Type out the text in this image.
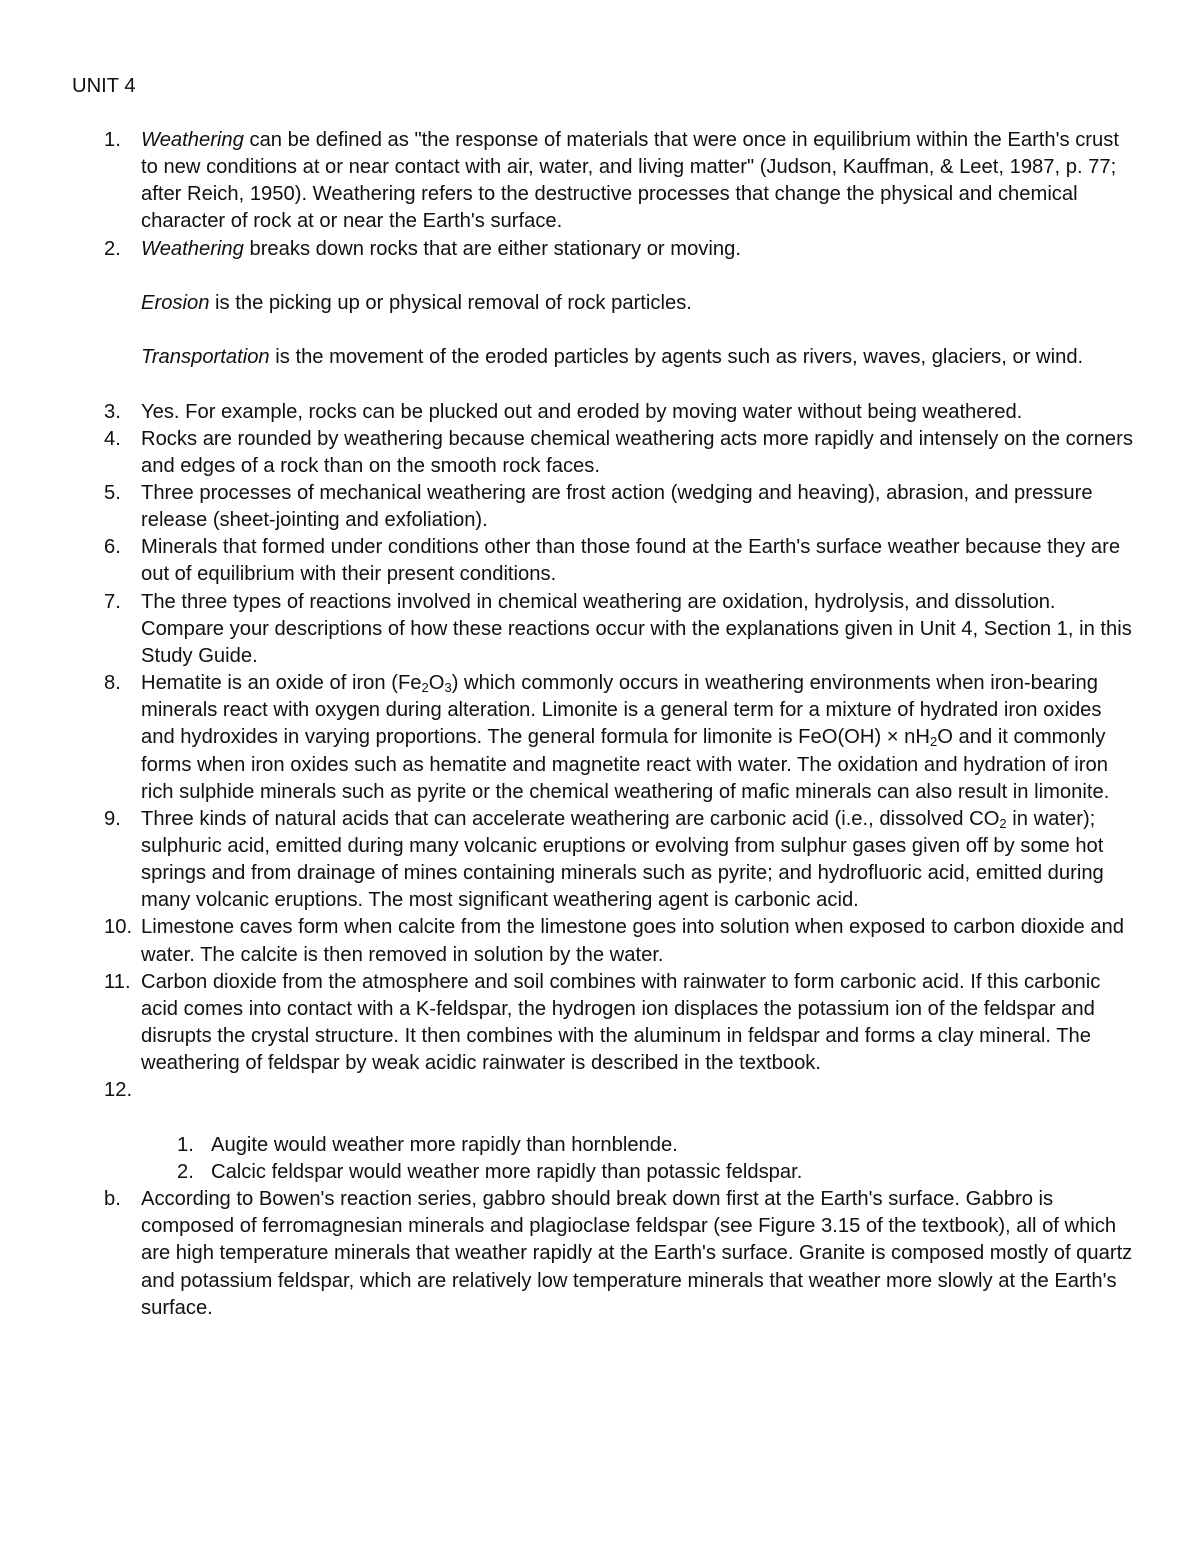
UNIT 4
1. Weathering can be defined as "the response of materials that were once in equilibrium within the Earth's crust to new conditions at or near contact with air, water, and living matter" (Judson, Kauffman, & Leet, 1987, p. 77; after Reich, 1950). Weathering refers to the destructive processes that change the physical and chemical character of rock at or near the Earth's surface.
2. Weathering breaks down rocks that are either stationary or moving.
Erosion is the picking up or physical removal of rock particles.
Transportation is the movement of the eroded particles by agents such as rivers, waves, glaciers, or wind.
3. Yes. For example, rocks can be plucked out and eroded by moving water without being weathered.
4. Rocks are rounded by weathering because chemical weathering acts more rapidly and intensely on the corners and edges of a rock than on the smooth rock faces.
5. Three processes of mechanical weathering are frost action (wedging and heaving), abrasion, and pressure release (sheet-jointing and exfoliation).
6. Minerals that formed under conditions other than those found at the Earth's surface weather because they are out of equilibrium with their present conditions.
7. The three types of reactions involved in chemical weathering are oxidation, hydrolysis, and dissolution. Compare your descriptions of how these reactions occur with the explanations given in Unit 4, Section 1, in this Study Guide.
8. Hematite is an oxide of iron $(Fe_2O_3)$ which commonly occurs in weathering environments when iron-bearing minerals react with oxygen during alteration. Limonite is a general term for a mixture of hydrated iron oxides and hydroxides in varying proportions. The general formula for limonite is $FeO(OH) \times nH_2O$ and it commonly forms when iron oxides such as hematite and magnetite react with water. The oxidation and hydration of iron rich sulphide minerals such as pyrite or the chemical weathering of mafic minerals can also result in limonite.
9. Three kinds of natural acids that can accelerate weathering are carbonic acid (i.e., dissolved $CO_2$ in water); sulphuric acid, emitted during many volcanic eruptions or evolving from sulphur gases given off by some hot springs and from drainage of mines containing minerals such as pyrite; and hydrofluoric acid, emitted during many volcanic eruptions. The most significant weathering agent is carbonic acid.
10. Limestone caves form when calcite from the limestone goes into solution when exposed to carbon dioxide and water. The calcite is then removed in solution by the water.
11. Carbon dioxide from the atmosphere and soil combines with rainwater to form carbonic acid. If this carbonic acid comes into contact with a K-feldspar, the hydrogen ion displaces the potassium ion of the feldspar and disrupts the crystal structure. It then combines with the aluminum in feldspar and forms a clay mineral. The weathering of feldspar by weak acidic rainwater is described in the textbook.
12.

1. Augite would weather more rapidly than hornblende.
2. Calcic feldspar would weather more rapidly than potassic feldspar.
b. According to Bowen's reaction series, gabbro should break down first at the Earth's surface. Gabbro is composed of ferromagnesian minerals and plagioclase feldspar (see Figure 3.15 of the textbook), all of which are high temperature minerals that weather rapidly at the Earth's surface. Granite is composed mostly of quartz and potassium feldspar, which are relatively low temperature minerals that weather more slowly at the Earth's surface.
